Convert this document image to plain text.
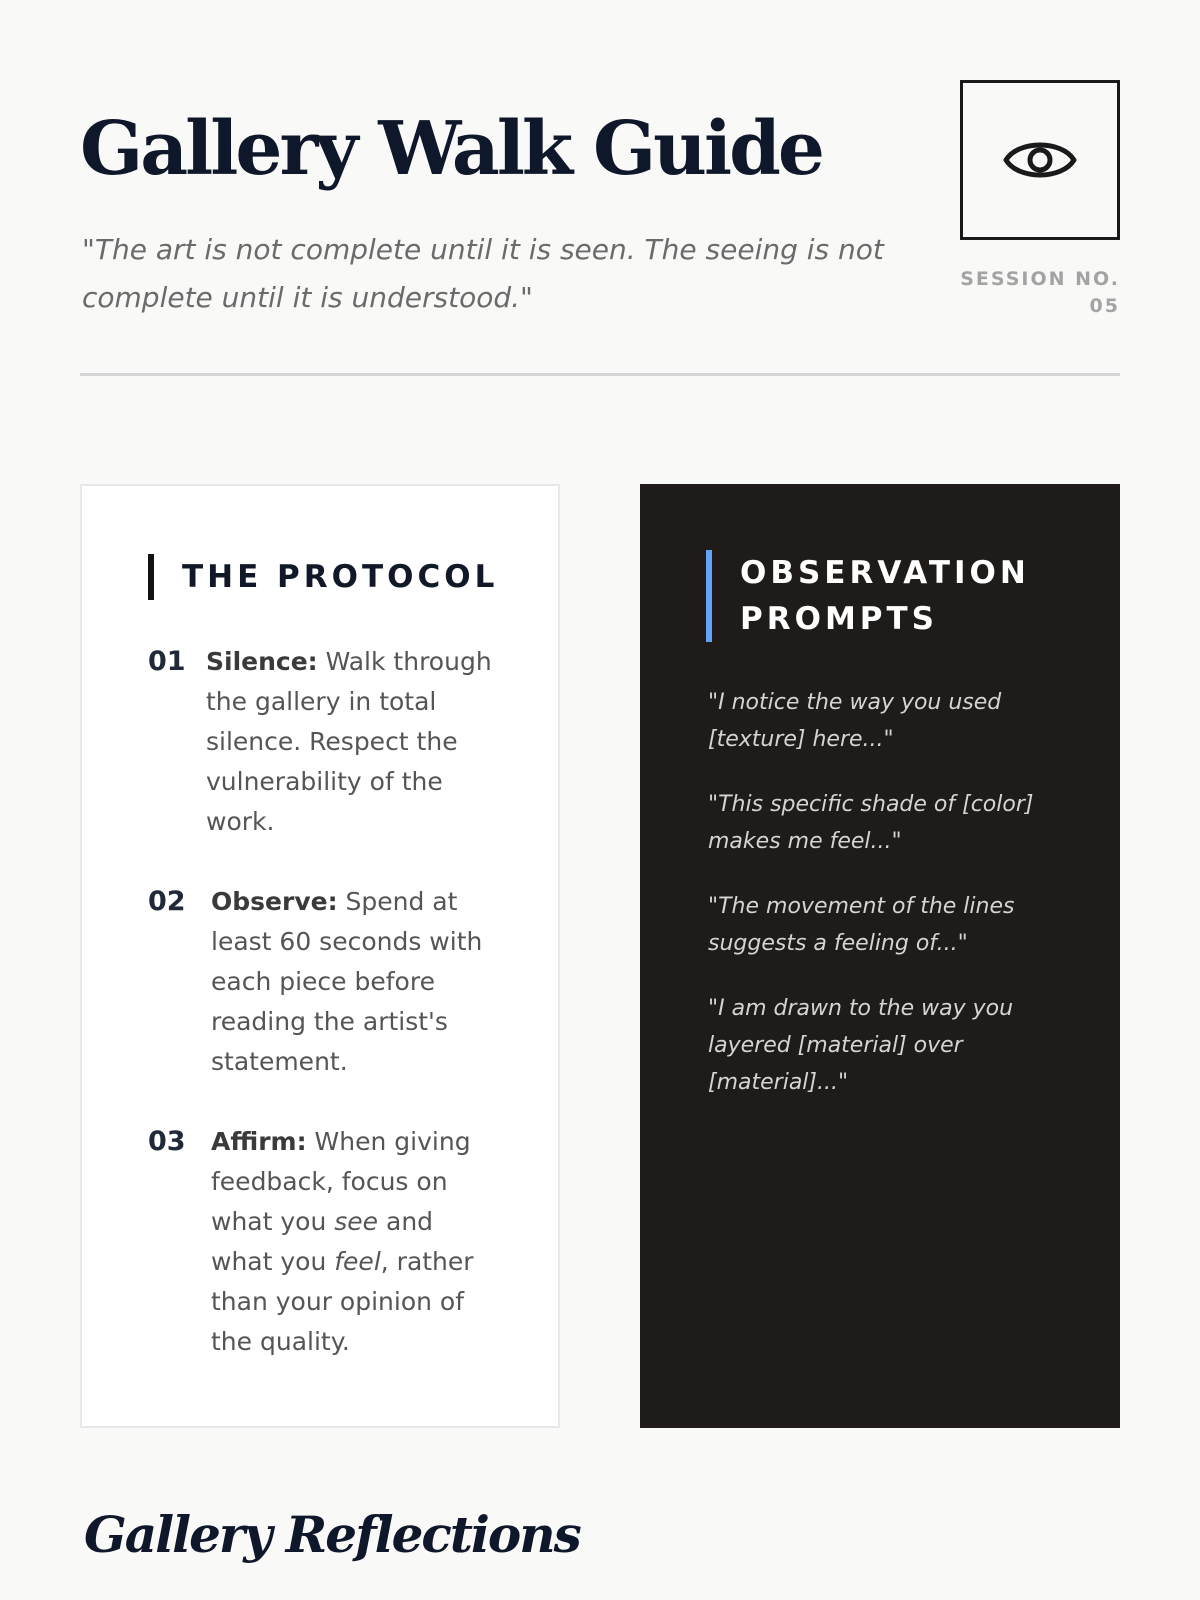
Gallery Walk Guide

"The art is not complete until it is seen. The seeing is not complete until it is understood."

SESSION NO.
05
THE PROTOCOL
01 Silence: Walk through the gallery in total silence. Respect the vulnerability of the work.

02	Observe: Spend at least 60 seconds with each piece before reading the artist's statement.

03	Affirm: When giving feedback, focus on what you see and what you feel, rather than your opinion of the quality.

OBSERVATION PROMPTS

"I notice the way you used [texture] here..."

"This specific shade of [color] makes me feel..."

"The movement of the lines suggests a feeling of..."

"I am drawn to the way you layered [material] over [material]..."

Gallery Reflections
